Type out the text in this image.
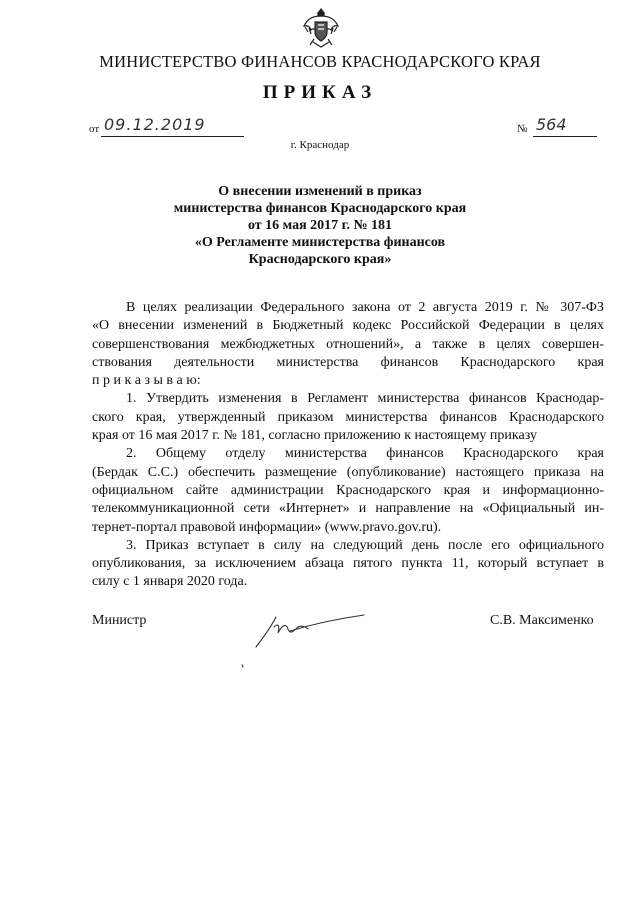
МИНИСТЕРСТВО ФИНАНСОВ КРАСНОДАРСКОГО КРАЯ
ПРИКАЗ
от 09.12.2019	№ 564
г. Краснодар
О внесении изменений в приказ
министерства финансов Краснодарского края
от 16 мая 2017 г. № 181
«О Регламенте министерства финансов
Краснодарского края»
В целях реализации Федерального закона от 2 августа 2019 г. № 307-ФЗ
«О внесении изменений в Бюджетный кодекс Российской Федерации в целях
совершенствования межбюджетных отношений», а также в целях совершен-
ствования деятельности министерства финансов Краснодарского края
п р и к а з ы в а ю:
1. Утвердить изменения в Регламент министерства финансов Краснодар-
ского края, утвержденный приказом министерства финансов Краснодарского
края от 16 мая 2017 г. № 181, согласно приложению к настоящему приказу
2. Общему отделу министерства финансов Краснодарского края
(Бердак С.С.) обеспечить размещение (опубликование) настоящего приказа на
официальном сайте администрации Краснодарского края и информационно-
телекоммуникационной сети «Интернет» и направление на «Официальный ин-
тернет-портал правовой информации» (www.pravo.gov.ru).
3. Приказ вступает в силу на следующий день после его официального
опубликования, за исключением абзаца пятого пункта 11, который вступает в
силу с 1 января 2020 года.
Министр	С.В. Максименко
